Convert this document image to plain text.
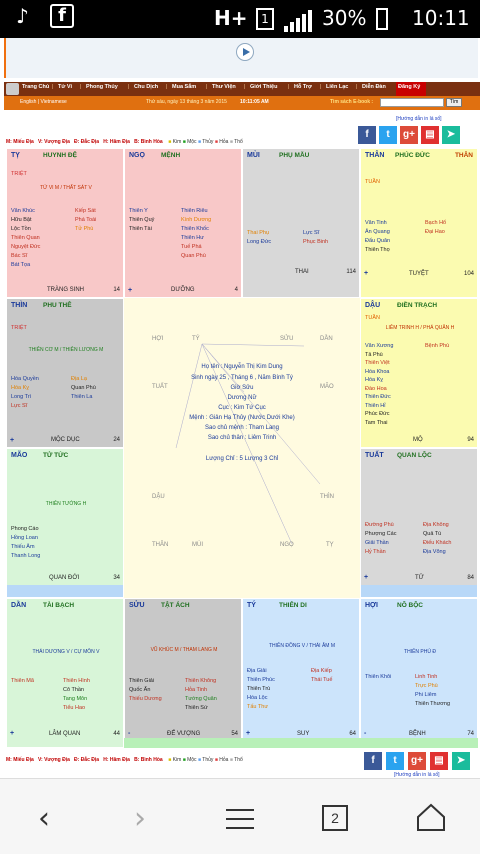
♪	f	H+	1	30% 10:11
Trang Chủ | Tử Vi | Phong Thủy | Chu Dịch | Mua Sắm | Thư Viện | Giới Thiệu | Hỗ Trợ | Liên Lạc | Diễn Đàn Đăng Ký
English | Vietnamese	Thứ sáu, ngày 13 tháng 3 năm 2015	10:11:05 AM	Tìm sách E-book :	Tìm
[Hướng dẫn in lá số]
M: Miếu Địa V: Vượng Địa Đ: Đắc Địa H: Hãm Địa B: Bình Hòa ■ Kim ■ Mộc ■ Thủy ■ Hỏa ■ Thổ
f	t	g+	▤	➤
TỴ	HUYNH ĐỆ
TRIỆT
TỬ VI M / THẤT SÁT V
Văn Khúc
Hữu Bật
Lộc Tồn
Thiên Quan
Nguyệt Đức
Bác Sĩ
Bát Tọa
Kiếp Sát
Phá Toái
Tử Phù
TRÀNG SINH	14
NGỌ MỆNH
Thiên Y
Thiên Quý
Thiên Tài
Thiên Riêu
Kình Dương
Thiên Khốc
Thiên Hư
Tuế Phá
Quan Phù
+	DƯỠNG	4
MÙI	PHỤ MẪU
Thai Phụ
Long Đức
Lực Sĩ
Phục Binh
THAI	114
THÂN PHÚC ĐỨC	THÂN
TUẦN
Văn Tinh
Ân Quang
Đẩu Quân
Thiên Thọ
Bạch Hổ
Đại Hao
+	TUYỆT	104
THÌN PHU THÊ
TRIỆT
THIÊN CƠ M / THIÊN LƯƠNG M
Hóa Quyền
Hóa Kỵ
Long Trì
Lực Sĩ
Địa Lạ
Quan Phù
Thiên La
+	MỘC DỤC	24
DẬU	ĐIỀN TRẠCH
TUẦN
LIÊM TRINH H / PHÁ QUÂN H
Văn Xương
Tả Phù
Thiên Việt
Hóa Khoa
Hóa Kỵ
Đào Hoa
Thiên Đức
Thiên Hỉ
Phúc Đức
Tam Thai
Bệnh Phù
MỘ	94
MÃO TỬ TỨC
THIÊN TƯỚNG H
Phong Cáo
Hồng Loan
Thiếu Âm
Thanh Long
QUAN ĐỚI	34
TUẤT QUAN LỘC
Đường Phù
Phượng Các
Giải Thần
Hỷ Thần
Địa Không
Quả Tú
Điếu Khách
Địa Võng
+	TỬ	84
DẦN	TÀI BẠCH
THÁI DƯƠNG V / CỰ MÔN V
Thiên Mã	Thiên Hình
Cô Thần
Tang Môn
Tiểu Hao
+	LÂM QUAN	44
SỬU	TẬT ÁCH
VŨ KHÚC M / THAM LANG M
Thiên Giải
Quốc Ấn
Thiếu Dương
Thiên Không
Hỏa Tinh
Tướng Quân
Thiên Sứ
-	ĐẾ VƯỢNG	54
TÝ	THIÊN DI
THIÊN ĐỒNG V / THÁI ÂM M
Địa Giải
Thiên Phúc
Thiên Trù
Hóa Lộc
Tấu Thư
Địa Kiếp
Thái Tuế
+	SUY	64
HỢI	NÔ BỘC
THIÊN PHỦ Đ
Thiên Khôi	Linh Tinh
Trực Phù
Phi Liêm
Thiên Thương
-	BỆNH	74
HỢI	TÝ	SỬU	DẦN
TUẤT	MÃO
DẬU	THÌN
THÂN	MÙI	NGỌ	TỴ
Họ tên : Nguyễn Thị Kim Dung
Sinh ngày 25 , Tháng 6 , Năm Bính Tý
Giờ Sửu
Dương Nữ
Cục : Kim Tứ Cục
Mệnh : Giản Hạ Thủy (Nước Dưới Khe)
Sao chủ mệnh : Tham Lang
Sao chủ thân : Liêm Trinh
Lượng Chỉ : 5 Lượng 3 Chỉ
M: Miếu Địa V: Vượng Địa Đ: Đắc Địa H: Hãm Địa B: Bình Hòa ■ Kim ■ Mộc ■ Thủy ■ Hỏa ■ Thổ	f	t	g+	▤	➤
[Hướng dẫn in lá số]
‹	›	2
